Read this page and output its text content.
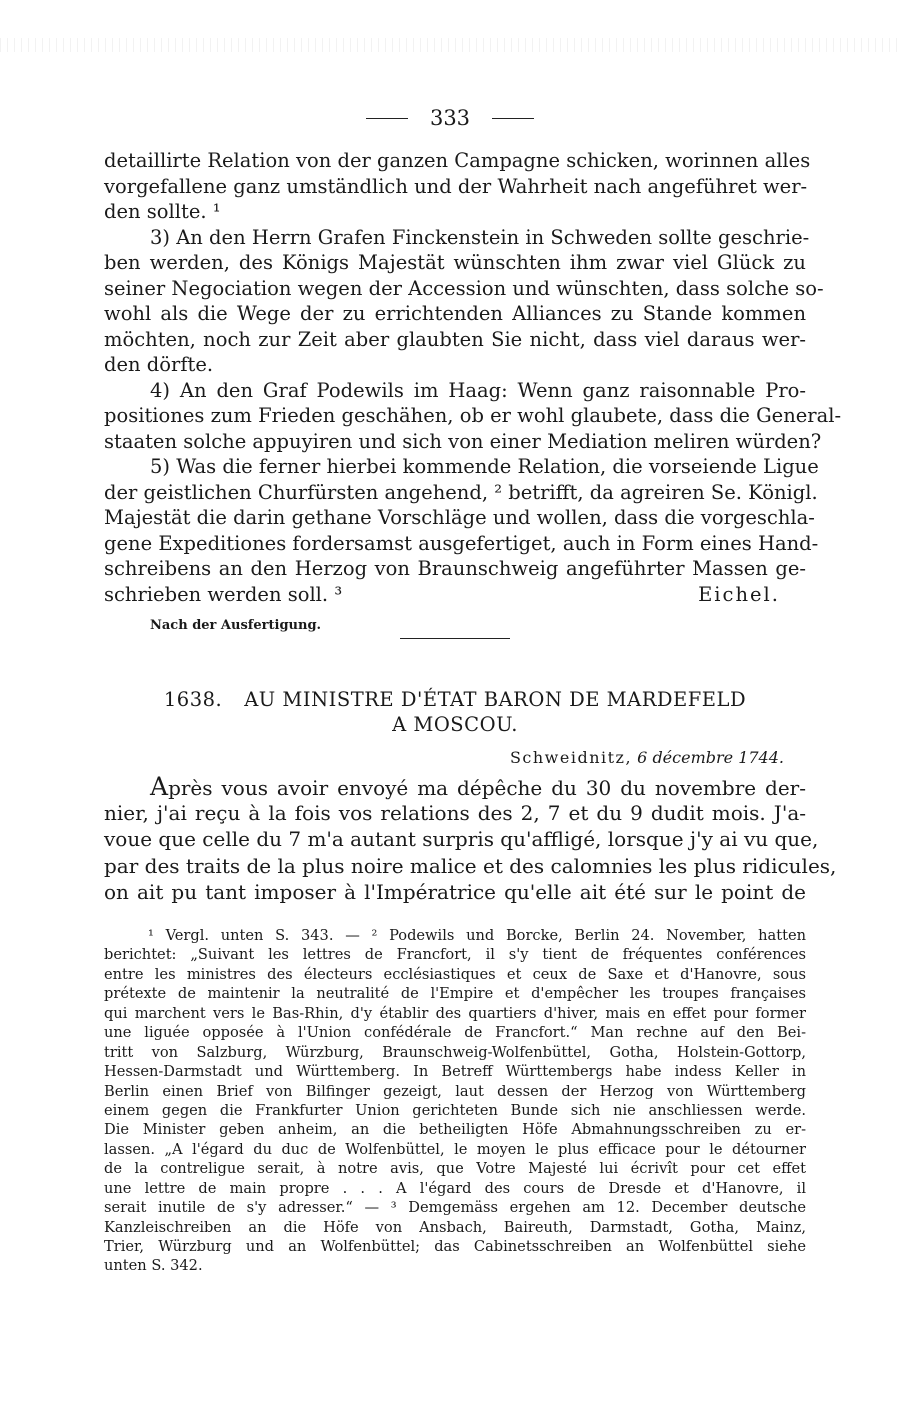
333
detaillirte Relation von der ganzen Campagne schicken, worinnen alles
vorgefallene ganz umständlich und der Wahrheit nach angeführet wer-
den sollte. ¹
3) An den Herrn Grafen Finckenstein in Schweden sollte geschrie-
ben werden, des Königs Majestät wünschten ihm zwar viel Glück zu
seiner Negociation wegen der Accession und wünschten, dass solche so-
wohl als die Wege der zu errichtenden Alliances zu Stande kommen
möchten, noch zur Zeit aber glaubten Sie nicht, dass viel daraus wer-
den dörfte.
4) An den Graf Podewils im Haag: Wenn ganz raisonnable Pro-
positiones zum Frieden geschähen, ob er wohl glaubete, dass die General-
staaten solche appuyiren und sich von einer Mediation meliren würden?
5) Was die ferner hierbei kommende Relation, die vorseiende Ligue
der geistlichen Churfürsten angehend, ² betrifft, da agreiren Se. Königl.
Majestät die darin gethane Vorschläge und wollen, dass die vorgeschla-
gene Expeditiones fordersamst ausgefertiget, auch in Form eines Hand-
schreibens an den Herzog von Braunschweig angeführter Massen ge-
schrieben werden soll. ³	Eichel.
Nach der Ausfertigung.
1638. AU MINISTRE D'ÉTAT BARON DE MARDEFELD
A MOSCOU.
Schweidnitz, 6 décembre 1744.
Après vous avoir envoyé ma dépêche du 30 du novembre der-
nier, j'ai reçu à la fois vos relations des 2, 7 et du 9 dudit mois. J'a-
voue que celle du 7 m'a autant surpris qu'affligé, lorsque j'y ai vu que,
par des traits de la plus noire malice et des calomnies les plus ridicules,
on ait pu tant imposer à l'Impératrice qu'elle ait été sur le point de
¹ Vergl. unten S. 343. — ² Podewils und Borcke, Berlin 24. November, hatten
berichtet: „Suivant les lettres de Francfort, il s'y tient de fréquentes conférences
entre les ministres des électeurs ecclésiastiques et ceux de Saxe et d'Hanovre, sous
prétexte de maintenir la neutralité de l'Empire et d'empêcher les troupes françaises
qui marchent vers le Bas-Rhin, d'y établir des quartiers d'hiver, mais en effet pour former
une liguée opposée à l'Union confédérale de Francfort.“ Man rechne auf den Bei-
tritt von Salzburg, Würzburg, Braunschweig-Wolfenbüttel, Gotha, Holstein-Gottorp,
Hessen-Darmstadt und Württemberg. In Betreff Württembergs habe indess Keller in
Berlin einen Brief von Bilfinger gezeigt, laut dessen der Herzog von Württemberg
einem gegen die Frankfurter Union gerichteten Bunde sich nie anschliessen werde.
Die Minister geben anheim, an die betheiligten Höfe Abmahnungsschreiben zu er-
lassen. „A l'égard du duc de Wolfenbüttel, le moyen le plus efficace pour le détourner
de la contreligue serait, à notre avis, que Votre Majesté lui écrivît pour cet effet
une lettre de main propre . . . A l'égard des cours de Dresde et d'Hanovre, il
serait inutile de s'y adresser.“ — ³ Demgemäss ergehen am 12. December deutsche
Kanzleischreiben an die Höfe von Ansbach, Baireuth, Darmstadt, Gotha, Mainz,
Trier, Würzburg und an Wolfenbüttel; das Cabinetsschreiben an Wolfenbüttel siehe
unten S. 342.
